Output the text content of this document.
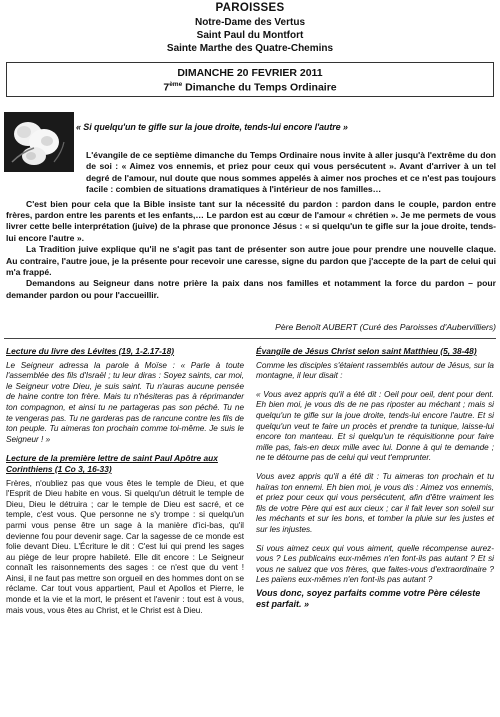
PAROISSES
Notre-Dame des Vertus
Saint Paul du Montfort
Sainte Marthe des Quatre-Chemins
DIMANCHE 20 FEVRIER 2011
7ème Dimanche du Temps Ordinaire
« Si quelqu'un te gifle sur la joue droite, tends-lui encore l'autre »

L'évangile de ce septième dimanche du Temps Ordinaire nous invite à aller jusqu'à l'extrême du don de soi : « Aimez vos ennemis, et priez pour ceux qui vous persécutent ». Avant d'arriver à un tel degré de l'amour, nul doute que nous sommes appelés à aimer nos proches et ce n'est pas toujours facile : combien de situations dramatiques à l'intérieur de nos familles…

C'est bien pour cela que la Bible insiste tant sur la nécessité du pardon : pardon dans le couple, pardon entre frères, pardon entre les parents et les enfants,… Le pardon est au cœur de l'amour « chrétien ». Je me permets de vous livrer cette belle interprétation (juive) de la phrase que prononce Jésus : « si quelqu'un te gifle sur la joue droite, tends-lui encore l'autre ».

La Tradition juive explique qu'il ne s'agit pas tant de présenter son autre joue pour prendre une nouvelle claque. Au contraire, l'autre joue, je la présente pour recevoir une caresse, signe du pardon que j'accepte de la part de celui qui m'a frappé.

Demandons au Seigneur dans notre prière la paix dans nos familles et notamment la force du pardon – pour demander pardon ou pour l'accueillir.

Père Benoît AUBERT (Curé des Paroisses d'Aubervilliers)
Lecture du livre des Lévites (19, 1-2.17-18)

Le Seigneur adressa la parole à Moïse : « Parle à toute l'assemblée des fils d'Israël ; tu leur diras : Soyez saints, car moi, le Seigneur votre Dieu, je suis saint. Tu n'auras aucune pensée de haine contre ton frère. Mais tu n'hésiteras pas à réprimander ton compagnon, et ainsi tu ne partageras pas son péché. Tu ne te vengeras pas. Tu ne garderas pas de rancune contre les fils de ton peuple. Tu aimeras ton prochain comme toi-même. Je suis le Seigneur ! »

Lecture de la première lettre de saint Paul Apôtre aux Corinthiens (1 Co 3, 16-33)

Frères, n'oubliez pas que vous êtes le temple de Dieu, et que l'Esprit de Dieu habite en vous. Si quelqu'un détruit le temple de Dieu, Dieu le détruira ; car le temple de Dieu est sacré, et ce temple, c'est vous. Que personne ne s'y trompe : si quelqu'un parmi vous pense être un sage à la manière d'ici-bas, qu'il devienne fou pour devenir sage. Car la sagesse de ce monde est folie devant Dieu. L'Écriture le dit : C'est lui qui prend les sages au piège de leur propre habileté. Elle dit encore : Le Seigneur connaît les raisonnements des sages : ce n'est que du vent ! Ainsi, il ne faut pas mettre son orgueil en des hommes dont on se réclame. Car tout vous appartient, Paul et Apollos et Pierre, le monde et la vie et la mort, le présent et l'avenir : tout est à vous, mais vous, vous êtes au Christ, et le Christ est à Dieu.

Évangile de Jésus Christ selon saint Matthieu (5, 38-48)

Comme les disciples s'étaient rassemblés autour de Jésus, sur la montagne, il leur disait :

« Vous avez appris qu'il a été dit : Oeil pour oeil, dent pour dent. Eh bien moi, je vous dis de ne pas riposter au méchant ; mais si quelqu'un te gifle sur la joue droite, tends-lui encore l'autre. Et si quelqu'un veut te faire un procès et prendre ta tunique, laisse-lui encore ton manteau. Et si quelqu'un te réquisitionne pour faire mille pas, fais-en deux mille avec lui. Donne à qui te demande ; ne te détourne pas de celui qui veut t'emprunter.

Vous avez appris qu'il a été dit : Tu aimeras ton prochain et tu haïras ton ennemi. Eh bien moi, je vous dis : Aimez vos ennemis, et priez pour ceux qui vous persécutent, afin d'être vraiment les fils de votre Père qui est aux cieux ; car il fait lever son soleil sur les méchants et sur les bons, et tomber la pluie sur les justes et sur les injustes.

Si vous aimez ceux qui vous aiment, quelle récompense aurez-vous ? Les publicains eux-mêmes n'en font-ils pas autant ? Et si vous ne saluez que vos frères, que faites-vous d'extraordinaire ? Les païens eux-mêmes n'en font-ils pas autant ?

Vous donc, soyez parfaits comme votre Père céleste est parfait. »
